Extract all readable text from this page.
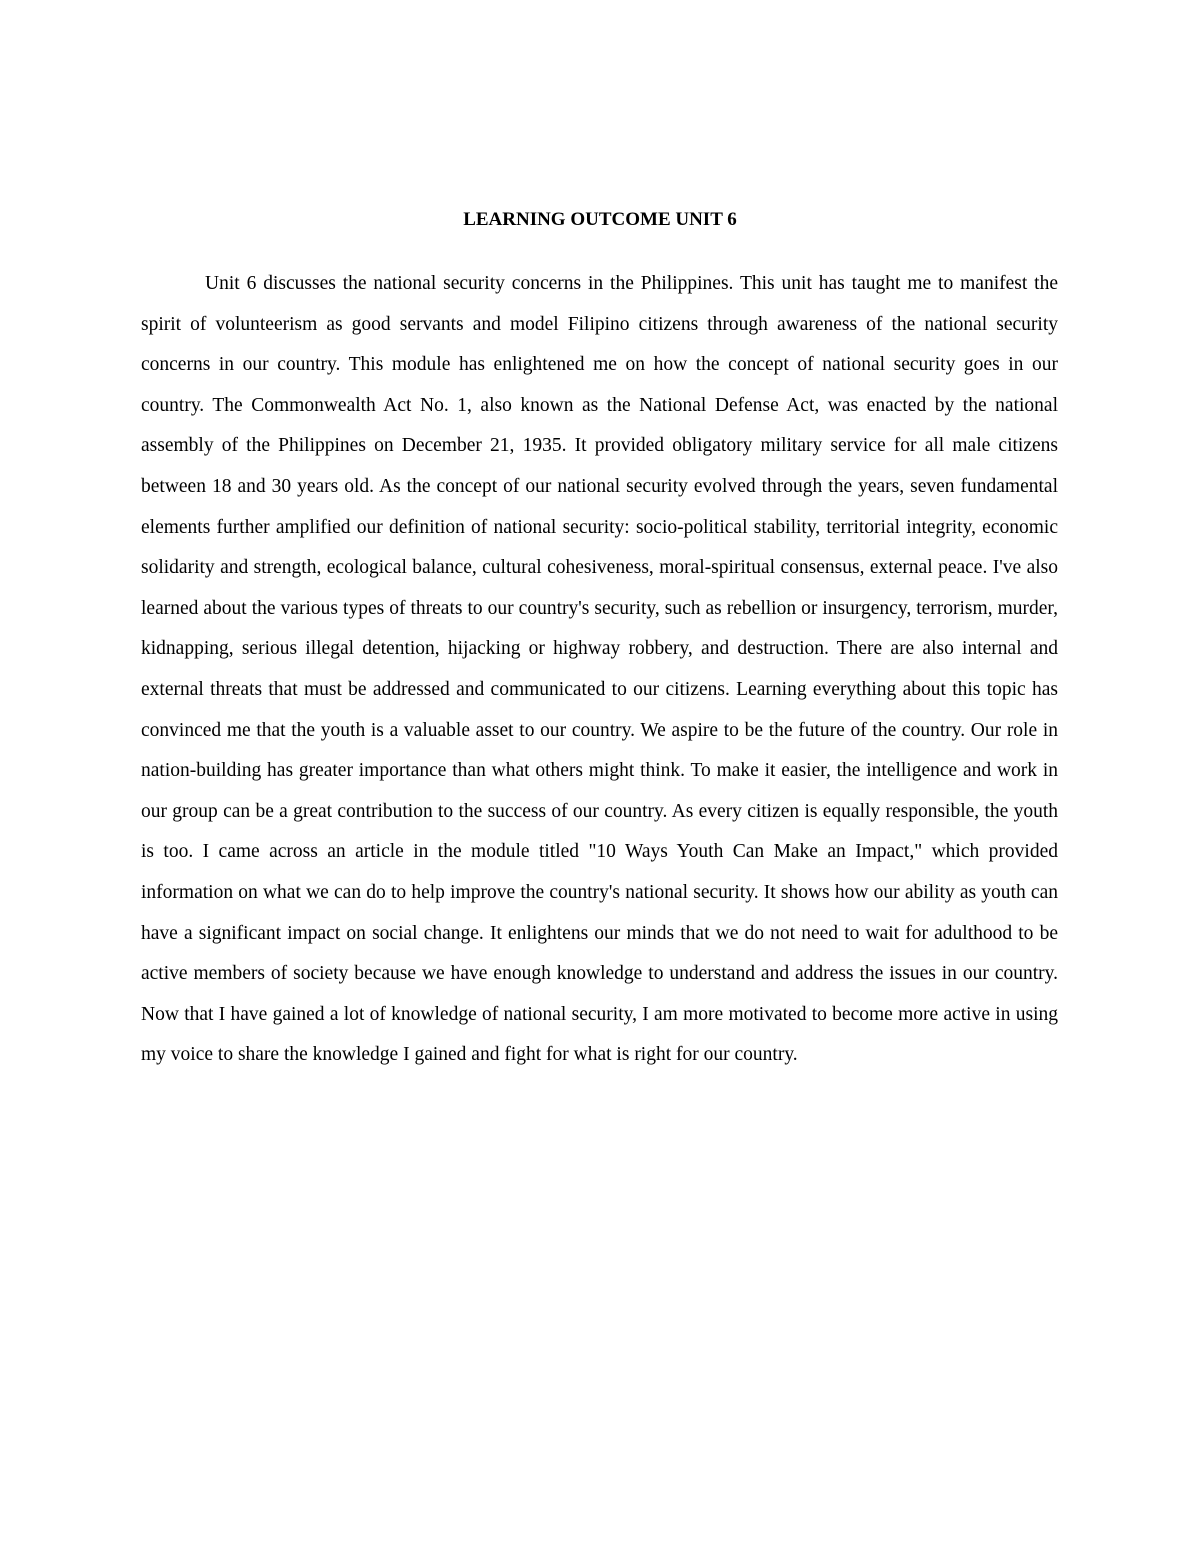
LEARNING OUTCOME UNIT 6

Unit 6 discusses the national security concerns in the Philippines. This unit has taught me to manifest the spirit of volunteerism as good servants and model Filipino citizens through awareness of the national security concerns in our country. This module has enlightened me on how the concept of national security goes in our country. The Commonwealth Act No. 1, also known as the National Defense Act, was enacted by the national assembly of the Philippines on December 21, 1935. It provided obligatory military service for all male citizens between 18 and 30 years old. As the concept of our national security evolved through the years, seven fundamental elements further amplified our definition of national security: socio-political stability, territorial integrity, economic solidarity and strength, ecological balance, cultural cohesiveness, moral-spiritual consensus, external peace. I've also learned about the various types of threats to our country's security, such as rebellion or insurgency, terrorism, murder, kidnapping, serious illegal detention, hijacking or highway robbery, and destruction. There are also internal and external threats that must be addressed and communicated to our citizens. Learning everything about this topic has convinced me that the youth is a valuable asset to our country. We aspire to be the future of the country. Our role in nation-building has greater importance than what others might think. To make it easier, the intelligence and work in our group can be a great contribution to the success of our country. As every citizen is equally responsible, the youth is too. I came across an article in the module titled "10 Ways Youth Can Make an Impact," which provided information on what we can do to help improve the country's national security. It shows how our ability as youth can have a significant impact on social change. It enlightens our minds that we do not need to wait for adulthood to be active members of society because we have enough knowledge to understand and address the issues in our country. Now that I have gained a lot of knowledge of national security, I am more motivated to become more active in using my voice to share the knowledge I gained and fight for what is right for our country.
